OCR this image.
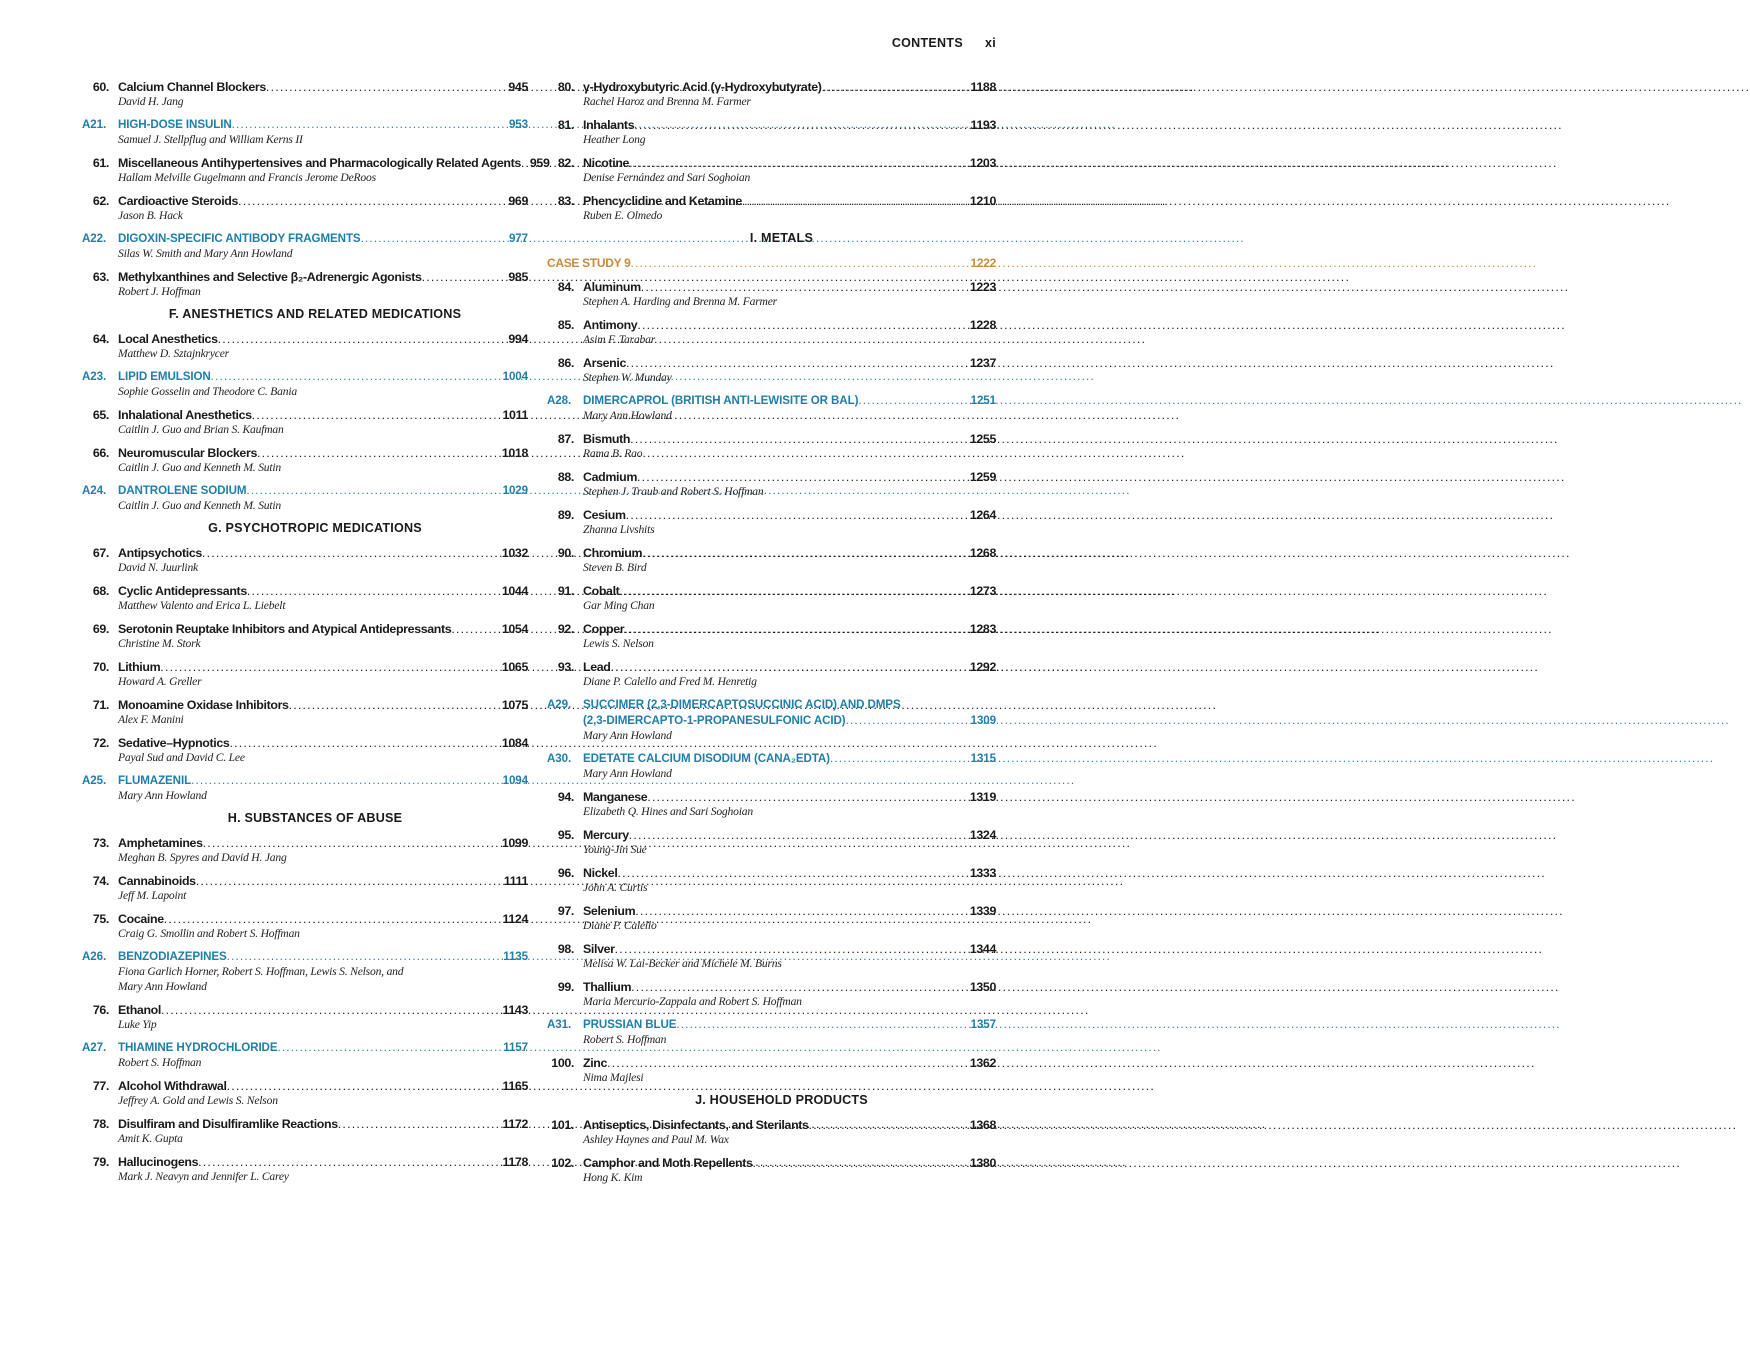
CONTENTS xi
60. Calcium Channel Blockers .....	945
David H. Jang
A21.	HIGH-DOSE INSULIN .....	953
Samuel J. Stellpflug and William Kerns II
61. Miscellaneous Antihypertensives and Pharmacologically Related Agents ..... 959
Hallam Melville Gugelmann and Francis Jerome DeRoos
62. Cardioactive Steroids .....	969
Jason B. Hack
A22.	DIGOXIN-SPECIFIC ANTIBODY FRAGMENTS .....	977
Silas W. Smith and Mary Ann Howland
63. Methylxanthines and Selective β₂-Adrenergic Agonists .....	985
Robert J. Hoffman
F. ANESTHETICS AND RELATED MEDICATIONS
64. Local Anesthetics .....	994
Matthew D. Sztajnkrycer
A23.	LIPID EMULSION .....	1004
Sophie Gosselin and Theodore C. Bania
65. Inhalational Anesthetics .....	1011
Caitlin J. Guo and Brian S. Kaufman
66. Neuromuscular Blockers .....	1018
Caitlin J. Guo and Kenneth M. Sutin
A24.	DANTROLENE SODIUM .....	1029
Caitlin J. Guo and Kenneth M. Sutin
G. PSYCHOTROPIC MEDICATIONS
67. Antipsychotics .....	1032
David N. Juurlink
68. Cyclic Antidepressants .....	1044
Matthew Valento and Erica L. Liebelt
69. Serotonin Reuptake Inhibitors and Atypical Antidepressants .....	1054
Christine M. Stork
70. Lithium .....	1065
Howard A. Greller
71. Monoamine Oxidase Inhibitors .....	1075
Alex F. Manini
72. Sedative–Hypnotics .....	1084
Payal Sud and David C. Lee
A25.	FLUMAZENIL .....	1094
Mary Ann Howland
H. SUBSTANCES OF ABUSE
73. Amphetamines .....	1099
Meghan B. Spyres and David H. Jang
74. Cannabinoids .....	1111
Jeff M. Lapoint
75. Cocaine .....	1124
Craig G. Smollin and Robert S. Hoffman
A26.	BENZODIAZEPINES .....	1135
Fiona Garlich Horner, Robert S. Hoffman, Lewis S. Nelson, and
Mary Ann Howland
76. Ethanol .....	1143
Luke Yip
A27.	THIAMINE HYDROCHLORIDE .....	1157
Robert S. Hoffman
77. Alcohol Withdrawal .....	1165
Jeffrey A. Gold and Lewis S. Nelson
78. Disulfiram and Disulfiramlike Reactions .....	1172
Amit K. Gupta
79. Hallucinogens .....	1178
Mark J. Neavyn and Jennifer L. Carey
80. γ-Hydroxybutyric Acid (γ-Hydroxybutyrate) .....	1188
Rachel Haroz and Brenna M. Farmer
81. Inhalants .....	1193
Heather Long
82. Nicotine .....	1203
Denise Fernández and Sari Soghoian
83. Phencyclidine and Ketamine .....	1210
Ruben E. Olmedo
I. METALS
CASE STUDY 9 .....	1222
84. Aluminum .....	1223
Stephen A. Harding and Brenna M. Farmer
85. Antimony .....	1228
Asim F. Tarabar
86. Arsenic .....	1237
Stephen W. Munday
A28.	DIMERCAPROL (BRITISH ANTI-LEWISITE OR BAL) .....	1251
Mary Ann Howland
87. Bismuth .....	1255
Rama B. Rao
88. Cadmium .....	1259
Stephen J. Traub and Robert S. Hoffman
89. Cesium .....	1264
Zhanna Livshits
90. Chromium .....	1268
Steven B. Bird
91. Cobalt .....	1273
Gar Ming Chan
92. Copper .....	1283
Lewis S. Nelson
93. Lead .....	1292
Diane P. Calello and Fred M. Henretig
A29.	SUCCIMER (2,3-DIMERCAPTOSUCCINIC ACID) AND DMPS
(2,3-DIMERCAPTO-1-PROPANESULFONIC ACID) .....	1309
Mary Ann Howland
A30.	EDETATE CALCIUM DISODIUM (CANA₂EDTA) .....	1315
Mary Ann Howland
94. Manganese .....	1319
Elizabeth Q. Hines and Sari Soghoian
95. Mercury .....	1324
Young-Jin Sue
96. Nickel .....	1333
John A. Curtis
97. Selenium .....	1339
Diane P. Calello
98. Silver .....	1344
Melisa W. Lai-Becker and Michele M. Burns
99. Thallium .....	1350
Maria Mercurio-Zappala and Robert S. Hoffman
A31.	PRUSSIAN BLUE .....	1357
Robert S. Hoffman
100. Zinc .....	1362
Nima Majlesi
J. HOUSEHOLD PRODUCTS
101. Antiseptics, Disinfectants, and Sterilants .....	1368
Ashley Haynes and Paul M. Wax
102. Camphor and Moth Repellents .....	1380
Hong K. Kim
